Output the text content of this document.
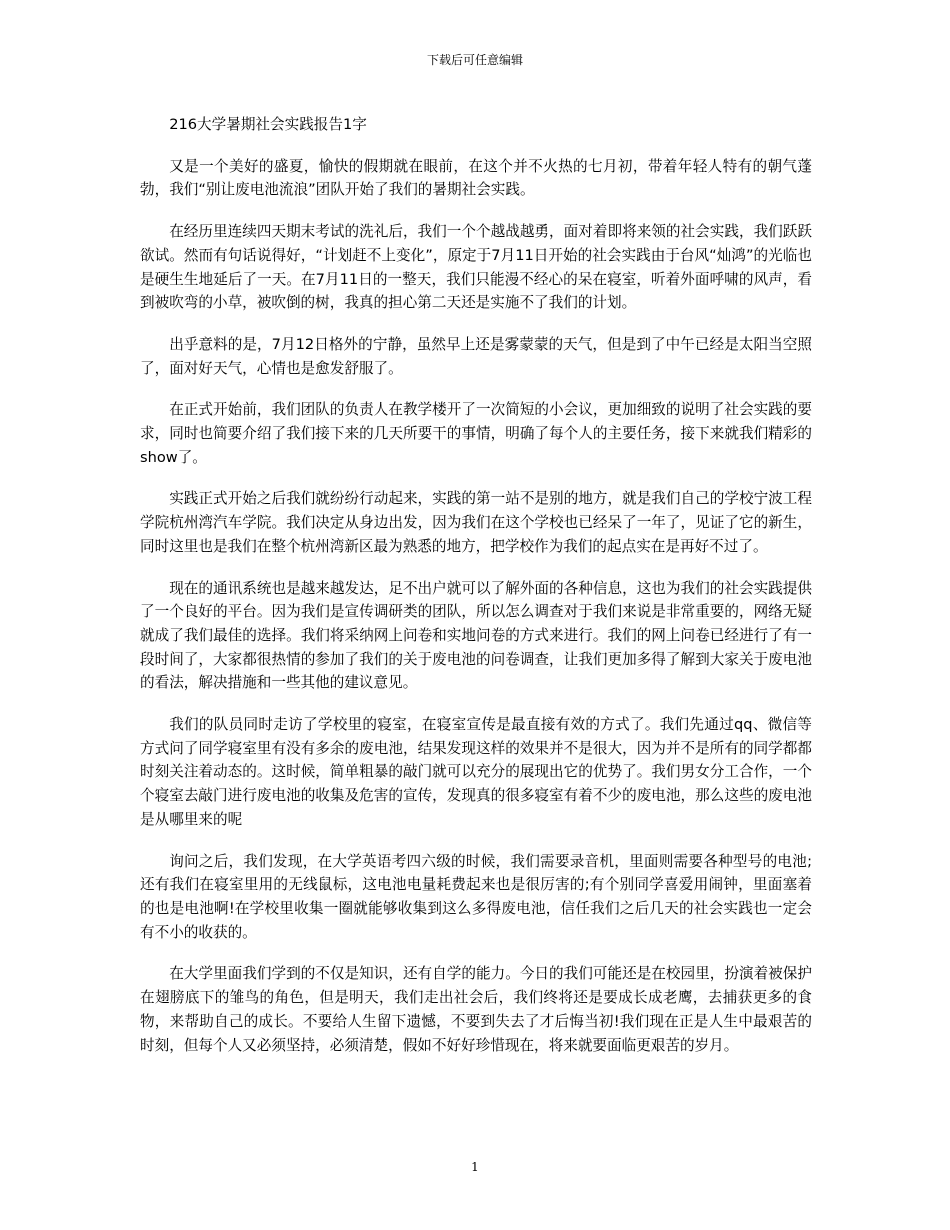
下载后可任意编辑

216大学暑期社会实践报告1字

又是一个美好的盛夏，愉快的假期就在眼前，在这个并不火热的七月初，带着年轻人特有的朝气蓬勃，我们“别让废电池流浪”团队开始了我们的暑期社会实践。

在经历里连续四天期末考试的洗礼后，我们一个个越战越勇，面对着即将来领的社会实践，我们跃跃欲试。然而有句话说得好，“计划赶不上变化”，原定于7月11日开始的社会实践由于台风“灿鸿”的光临也是硬生生地延后了一天。在7月11日的一整天，我们只能漫不经心的呆在寝室，听着外面呼啸的风声，看到被吹弯的小草，被吹倒的树，我真的担心第二天还是实施不了我们的计划。

出乎意料的是，7月12日格外的宁静，虽然早上还是雾蒙蒙的天气，但是到了中午已经是太阳当空照了，面对好天气，心情也是愈发舒服了。

在正式开始前，我们团队的负责人在教学楼开了一次简短的小会议，更加细致的说明了社会实践的要求，同时也简要介绍了我们接下来的几天所要干的事情，明确了每个人的主要任务，接下来就我们精彩的show了。

实践正式开始之后我们就纷纷行动起来，实践的第一站不是别的地方，就是我们自己的学校宁波工程学院杭州湾汽车学院。我们决定从身边出发，因为我们在这个学校也已经呆了一年了，见证了它的新生，同时这里也是我们在整个杭州湾新区最为熟悉的地方，把学校作为我们的起点实在是再好不过了。

现在的通讯系统也是越来越发达，足不出户就可以了解外面的各种信息，这也为我们的社会实践提供了一个良好的平台。因为我们是宣传调研类的团队，所以怎么调查对于我们来说是非常重要的，网络无疑就成了我们最佳的选择。我们将采纳网上问卷和实地问卷的方式来进行。我们的网上问卷已经进行了有一段时间了，大家都很热情的参加了我们的关于废电池的问卷调查，让我们更加多得了解到大家关于废电池的看法，解决措施和一些其他的建议意见。

我们的队员同时走访了学校里的寝室，在寝室宣传是最直接有效的方式了。我们先通过qq、微信等方式问了同学寝室里有没有多余的废电池，结果发现这样的效果并不是很大，因为并不是所有的同学都都时刻关注着动态的。这时候，简单粗暴的敲门就可以充分的展现出它的优势了。我们男女分工合作，一个个寝室去敲门进行废电池的收集及危害的宣传，发现真的很多寝室有着不少的废电池，那么这些的废电池是从哪里来的呢

询问之后，我们发现，在大学英语考四六级的时候，我们需要录音机，里面则需要各种型号的电池;还有我们在寝室里用的无线鼠标，这电池电量耗费起来也是很厉害的;有个别同学喜爱用闹钟，里面塞着的也是电池啊!在学校里收集一圈就能够收集到这么多得废电池，信任我们之后几天的社会实践也一定会有不小的收获的。

在大学里面我们学到的不仅是知识，还有自学的能力。今日的我们可能还是在校园里，扮演着被保护在翅膀底下的雏鸟的角色，但是明天，我们走出社会后，我们终将还是要成长成老鹰，去捕获更多的食物，来帮助自己的成长。不要给人生留下遗憾，不要到失去了才后悔当初!我们现在正是人生中最艰苦的时刻，但每个人又必须坚持，必须清楚，假如不好好珍惜现在，将来就要面临更艰苦的岁月。

1
